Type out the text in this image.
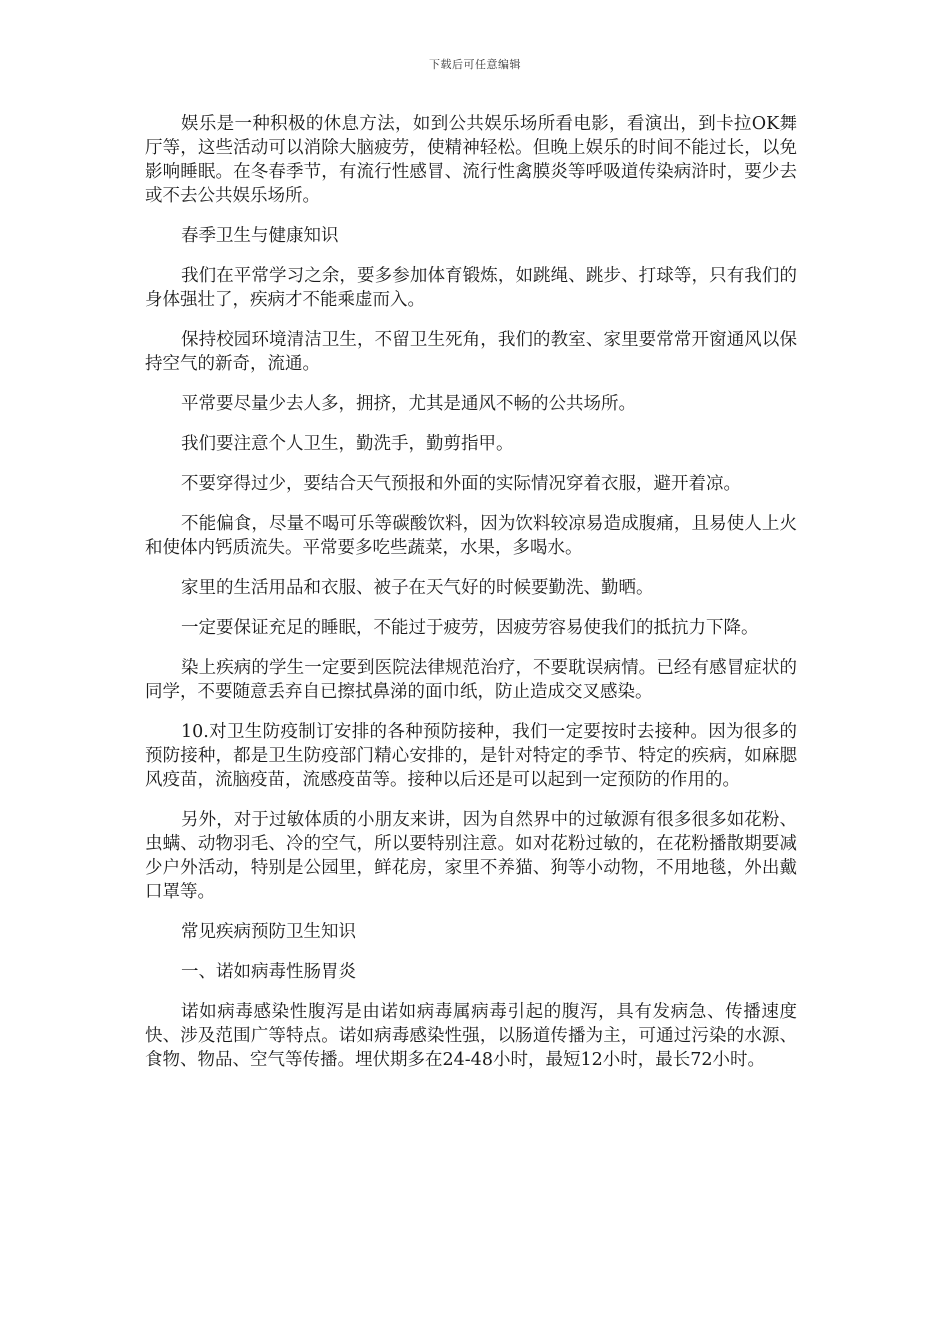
下载后可任意编辑

娱乐是一种积极的休息方法，如到公共娱乐场所看电影，看演出，到卡拉OK舞厅等，这些活动可以消除大脑疲劳，使精神轻松。但晚上娱乐的时间不能过长，以免影响睡眠。在冬春季节，有流行性感冒、流行性禽膜炎等呼吸道传染病浒时，要少去或不去公共娱乐场所。

春季卫生与健康知识

我们在平常学习之余，要多参加体育锻炼，如跳绳、跳步、打球等，只有我们的身体强壮了，疾病才不能乘虚而入。

保持校园环境清洁卫生，不留卫生死角，我们的教室、家里要常常开窗通风以保持空气的新奇，流通。

平常要尽量少去人多，拥挤，尤其是通风不畅的公共场所。

我们要注意个人卫生，勤洗手，勤剪指甲。

不要穿得过少，要结合天气预报和外面的实际情况穿着衣服，避开着凉。

不能偏食，尽量不喝可乐等碳酸饮料，因为饮料较凉易造成腹痛，且易使人上火和使体内钙质流失。平常要多吃些蔬菜，水果，多喝水。

家里的生活用品和衣服、被子在天气好的时候要勤洗、勤晒。

一定要保证充足的睡眠，不能过于疲劳，因疲劳容易使我们的抵抗力下降。

染上疾病的学生一定要到医院法律规范治疗，不要耽误病情。已经有感冒症状的同学，不要随意丢弃自已擦拭鼻涕的面巾纸，防止造成交叉感染。

10.对卫生防疫制订安排的各种预防接种，我们一定要按时去接种。因为很多的预防接种，都是卫生防疫部门精心安排的，是针对特定的季节、特定的疾病，如麻腮风疫苗，流脑疫苗，流感疫苗等。接种以后还是可以起到一定预防的作用的。

另外，对于过敏体质的小朋友来讲，因为自然界中的过敏源有很多很多如花粉、虫螨、动物羽毛、冷的空气，所以要特别注意。如对花粉过敏的，在花粉播散期要减少户外活动，特别是公园里，鲜花房，家里不养猫、狗等小动物，不用地毯，外出戴口罩等。

常见疾病预防卫生知识

一、诺如病毒性肠胃炎

诺如病毒感染性腹泻是由诺如病毒属病毒引起的腹泻，具有发病急、传播速度快、涉及范围广等特点。诺如病毒感染性强，以肠道传播为主，可通过污染的水源、食物、物品、空气等传播。埋伏期多在24-48小时，最短12小时，最长72小时。
